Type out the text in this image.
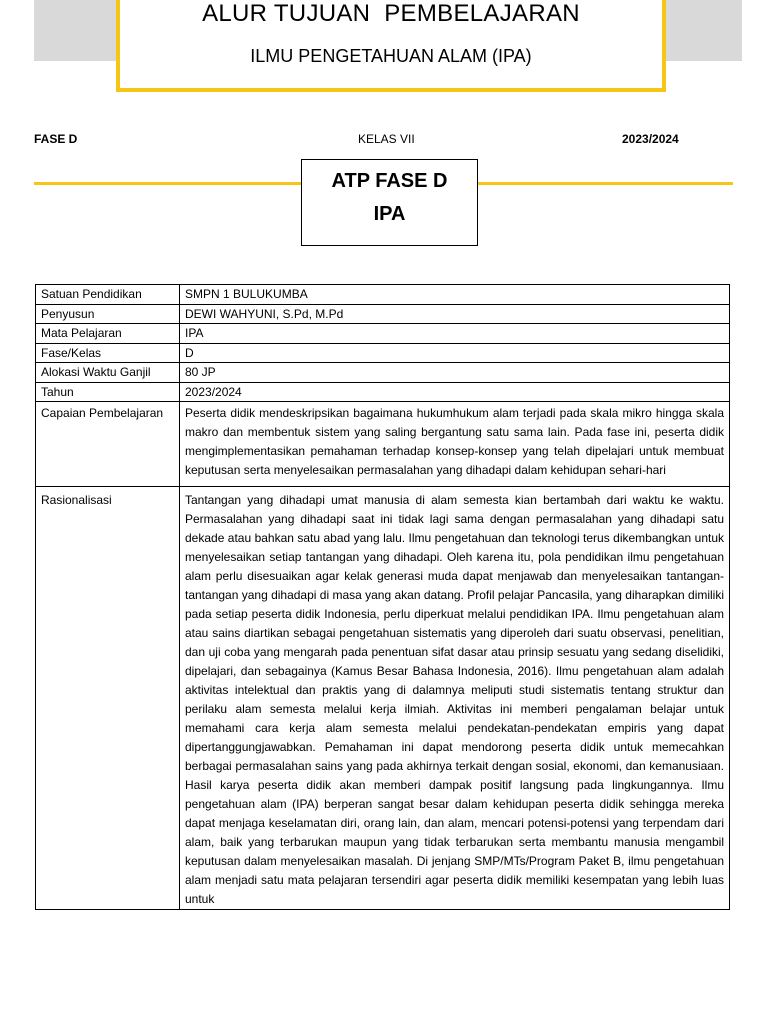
ALUR TUJUAN  PEMBELAJARAN
ILMU PENGETAHUAN ALAM (IPA)
FASE D	KELAS VII	2023/2024
ATP FASE D
IPA
Satuan Pendidikan	SMPN 1 BULUKUMBA
Penyusun	DEWI WAHYUNI, S.Pd, M.Pd
Mata Pelajaran	IPA
Fase/Kelas	D
Alokasi Waktu Ganjil	80 JP
Tahun	2023/2024
Capaian Pembelajaran	Peserta didik mendeskripsikan bagaimana hukumhukum alam terjadi pada skala mikro hingga skala makro dan membentuk sistem yang saling bergantung satu sama lain. Pada fase ini, peserta didik mengimplementasikan pemahaman terhadap konsep-konsep yang telah dipelajari untuk membuat keputusan serta menyelesaikan permasalahan yang dihadapi dalam kehidupan sehari-hari
Rasionalisasi	Tantangan yang dihadapi umat manusia di alam semesta kian bertambah dari waktu ke waktu. Permasalahan yang dihadapi saat ini tidak lagi sama dengan permasalahan yang dihadapi satu dekade atau bahkan satu abad yang lalu. Ilmu pengetahuan dan teknologi terus dikembangkan untuk menyelesaikan setiap tantangan yang dihadapi. Oleh karena itu, pola pendidikan ilmu pengetahuan alam perlu disesuaikan agar kelak generasi muda dapat menjawab dan menyelesaikan tantangan-tantangan yang dihadapi di masa yang akan datang. Profil pelajar Pancasila, yang diharapkan dimiliki pada setiap peserta didik Indonesia, perlu diperkuat melalui pendidikan IPA. Ilmu pengetahuan alam atau sains diartikan sebagai pengetahuan sistematis yang diperoleh dari suatu observasi, penelitian, dan uji coba yang mengarah pada penentuan sifat dasar atau prinsip sesuatu yang sedang diselidiki, dipelajari, dan sebagainya (Kamus Besar Bahasa Indonesia, 2016). Ilmu pengetahuan alam adalah aktivitas intelektual dan praktis yang di dalamnya meliputi studi sistematis tentang struktur dan perilaku alam semesta melalui kerja ilmiah. Aktivitas ini memberi pengalaman belajar untuk memahami cara kerja alam semesta melalui pendekatan-pendekatan empiris yang dapat dipertanggungjawabkan. Pemahaman ini dapat mendorong peserta didik untuk memecahkan berbagai permasalahan sains yang pada akhirnya terkait dengan sosial, ekonomi, dan kemanusiaan. Hasil karya peserta didik akan memberi dampak positif langsung pada lingkungannya. Ilmu pengetahuan alam (IPA) berperan sangat besar dalam kehidupan peserta didik sehingga mereka dapat menjaga keselamatan diri, orang lain, dan alam, mencari potensi-potensi yang terpendam dari alam, baik yang terbarukan maupun yang tidak terbarukan serta membantu manusia mengambil keputusan dalam menyelesaikan masalah. Di jenjang SMP/MTs/Program Paket B, ilmu pengetahuan alam menjadi satu mata pelajaran tersendiri agar peserta didik memiliki kesempatan yang lebih luas untuk
